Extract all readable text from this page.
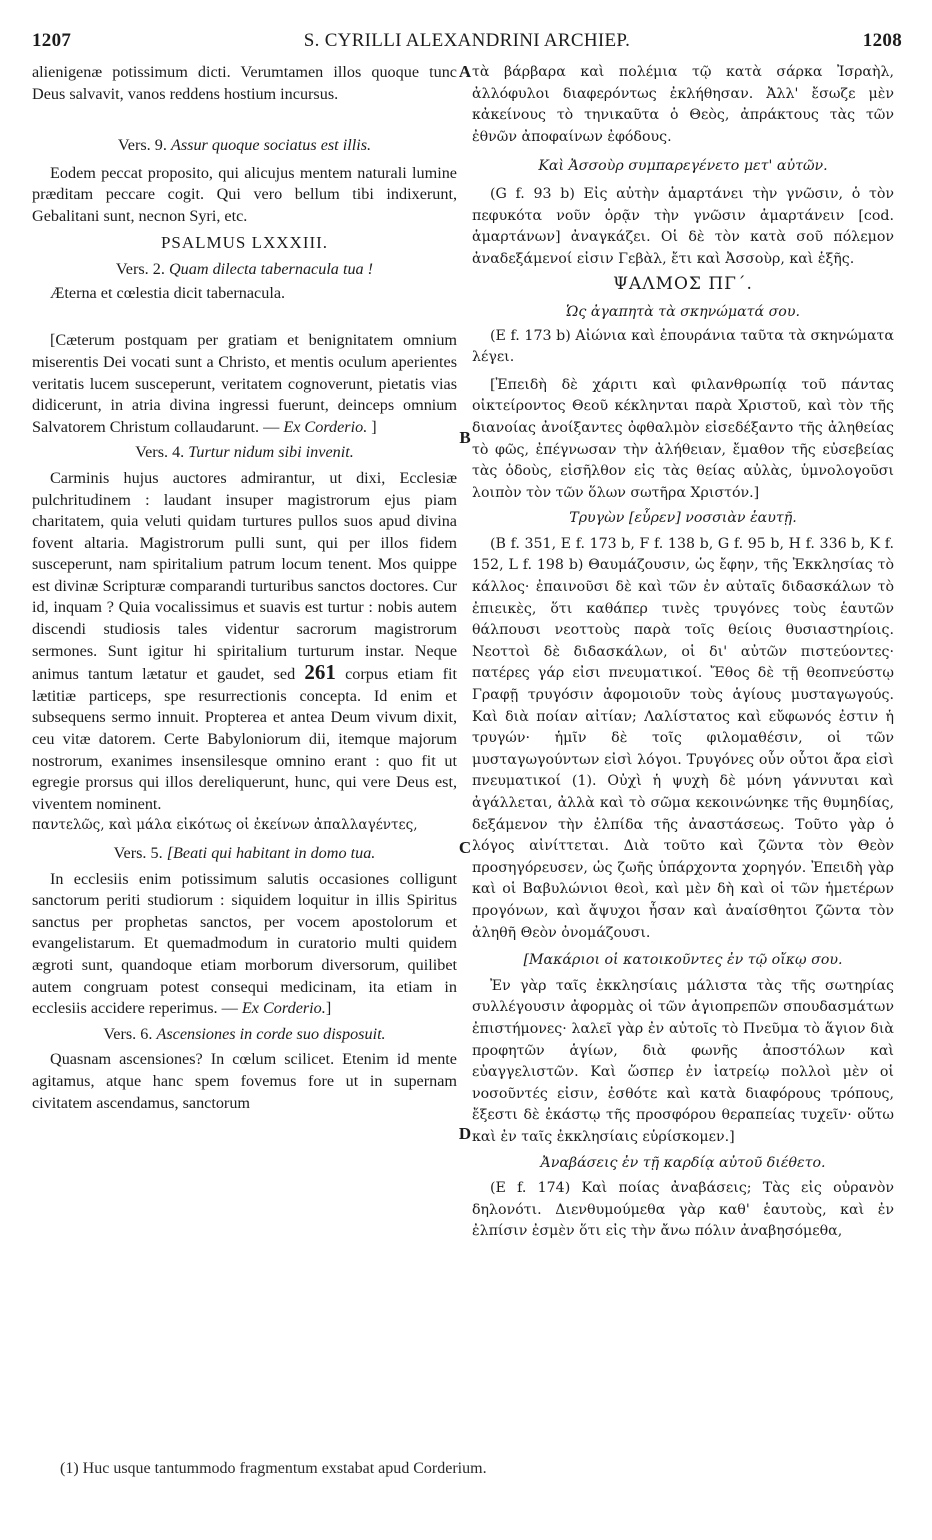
1207	S. CYRILLI ALEXANDRINI ARCHIEP.	1208
A
B
C
D

alienigenæ potissimum dicti. Verumtamen illos quoque tunc Deus salvavit, vanos reddens hostium incursus.

Vers. 9. Assur quoque sociatus est illis.

Eodem peccat proposito, qui alicujus mentem naturali lumine præditam peccare cogit. Qui vero bellum tibi indixerunt, Gebalitani sunt, necnon Syri, etc.

PSALMUS LXXXIII.

Vers. 2. Quam dilecta tabernacula tua !

Æterna et cœlestia dicit tabernacula.

[Cæterum postquam per gratiam et benignitatem omnium miserentis Dei vocati sunt a Christo, et mentis oculum aperientes veritatis lucem susceperunt, veritatem cognoverunt, pietatis vias didicerunt, in atria divina ingressi fuerunt, deinceps omnium Salvatorem Christum collaudarunt. — Ex Corderio. ]

Vers. 4. Turtur nidum sibi invenit.

Carminis hujus auctores admirantur, ut dixi, Ecclesiæ pulchritudinem : laudant insuper magistrorum ejus piam charitatem, quia veluti quidam turtures pullos suos apud divina fovent altaria. Magistrorum pulli sunt, qui per illos fidem susceperunt, nam spiritalium patrum locum tenent. Mos quippe est divinæ Scripturæ comparandi turturibus sanctos doctores. Cur id, inquam ? Quia vocalissimus et suavis est turtur : nobis autem discendi studiosis tales videntur sacrorum magistrorum sermones. Sunt igitur hi spiritalium turturum instar. Neque animus tantum lætatur et gaudet, sed 261 corpus etiam fit lætitiæ particeps, spe resurrectionis concepta. Id enim et subsequens sermo innuit. Propterea et antea Deum vivum dixit, ceu vitæ datorem. Certe Babyloniorum dii, itemque majorum nostrorum, exanimes insensilesque omnino erant : quo fit ut egregie prorsus qui illos dereliquerunt, hunc, qui vere Deus est, viventem nominent.

παντελῶς, καὶ μάλα εἰκότως οἱ ἐκείνων ἀπαλλαγέντες,

Vers. 5. [Beati qui habitant in domo tua.

In ecclesiis enim potissimum salutis occasiones colligunt sanctorum periti studiorum : siquidem loquitur in illis Spiritus sanctus per prophetas sanctos, per vocem apostolorum et evangelistarum. Et quemadmodum in curatorio multi quidem ægroti sunt, quandoque etiam morborum diversorum, quilibet autem congruam potest consequi medicinam, ita etiam in ecclesiis accidere reperimus. — Ex Corderio.]

Vers. 6. Ascensiones in corde suo disposuit.

Quasnam ascensiones? In cœlum scilicet. Etenim id mente agitamus, atque hanc spem fovemus fore ut in supernam civitatem ascendamus, sanctorum

τὰ βάρβαρα καὶ πολέμια τῷ κατὰ σάρκα Ἰσραὴλ, ἀλλόφυλοι διαφερόντως ἐκλήθησαν. Ἀλλ' ἔσωζε μὲν κἀκείνους τὸ τηνικαῦτα ὁ Θεὸς, ἀπράκτους τὰς τῶν ἐθνῶν ἀποφαίνων ἐφόδους.

Καὶ Ἀσσοὺρ συμπαρεγένετο μετ' αὐτῶν.

(G f. 93 b) Εἰς αὐτὴν ἁμαρτάνει τὴν γνῶσιν, ὁ τὸν πεφυκότα νοῦν ὁρᾷν τὴν γνῶσιν ἁμαρτάνειν [cod. ἁμαρτάνων] ἀναγκάζει. Οἱ δὲ τὸν κατὰ σοῦ πόλεμον ἀναδεξάμενοί εἰσιν Γεβὰλ, ἔτι καὶ Ἀσσοὺρ, καὶ ἑξῆς.

ΨΑΛΜΟΣ ΠΓ΄.

Ὡς ἀγαπητὰ τὰ σκηνώματά σου.

(E f. 173 b) Αἰώνια καὶ ἐπουράνια ταῦτα τὰ σκηνώματα λέγει.

[Ἐπειδὴ δὲ χάριτι καὶ φιλανθρωπίᾳ τοῦ πάντας οἰκτείροντος Θεοῦ κέκληνται παρὰ Χριστοῦ, καὶ τὸν τῆς διανοίας ἀνοίξαντες ὀφθαλμὸν εἰσεδέξαντο τῆς ἀληθείας τὸ φῶς, ἐπέγνωσαν τὴν ἀλήθειαν, ἔμαθον τῆς εὐσεβείας τὰς ὁδοὺς, εἰσῆλθον εἰς τὰς θείας αὐλὰς, ὑμνολογοῦσι λοιπὸν τὸν τῶν ὅλων σωτῆρα Χριστόν.]

Τρυγὼν [εὗρεν] νοσσιὰν ἑαυτῇ.

(B f. 351, E f. 173 b, F f. 138 b, G f. 95 b, H f. 336 b, K f. 152, L f. 198 b) Θαυμάζουσιν, ὡς ἔφην, τῆς Ἐκκλησίας τὸ κάλλος· ἐπαινοῦσι δὲ καὶ τῶν ἐν αὐταῖς διδασκάλων τὸ ἐπιεικὲς, ὅτι καθάπερ τινὲς τρυγόνες τοὺς ἑαυτῶν θάλπουσι νεοττοὺς παρὰ τοῖς θείοις θυσιαστηρίοις. Νεοττοὶ δὲ διδασκάλων, οἱ δι' αὐτῶν πιστεύοντες· πατέρες γάρ εἰσι πνευματικοί. Ἔθος δὲ τῇ θεοπνεύστῳ Γραφῇ τρυγόσιν ἀφομοιοῦν τοὺς ἁγίους μυσταγωγούς. Καὶ διὰ ποίαν αἰτίαν; Λαλίστατος καὶ εὔφωνός ἐστιν ἡ τρυγών· ἡμῖν δὲ τοῖς φιλομαθέσιν, οἱ τῶν μυσταγωγούντων εἰσὶ λόγοι. Τρυγόνες οὖν οὗτοι ἄρα εἰσὶ πνευματικοί (1). Οὐχὶ ἡ ψυχὴ δὲ μόνη γάννυται καὶ ἀγάλλεται, ἀλλὰ καὶ τὸ σῶμα κεκοινώνηκε τῆς θυμηδίας, δεξάμενον τὴν ἐλπίδα τῆς ἀναστάσεως. Τοῦτο γὰρ ὁ λόγος αἰνίττεται. Διὰ τοῦτο καὶ ζῶντα τὸν Θεὸν προσηγόρευσεν, ὡς ζωῆς ὑπάρχοντα χορηγόν. Ἐπειδὴ γὰρ καὶ οἱ Βαβυλώνιοι θεοὶ, καὶ μὲν δὴ καὶ οἱ τῶν ἡμετέρων προγόνων, καὶ ἄψυχοι ἦσαν καὶ ἀναίσθητοι ζῶντα τὸν ἀληθῆ Θεὸν ὀνομάζουσι.

[Μακάριοι οἱ κατοικοῦντες ἐν τῷ οἴκῳ σου.

Ἐν γὰρ ταῖς ἐκκλησίαις μάλιστα τὰς τῆς σωτηρίας συλλέγουσιν ἀφορμὰς οἱ τῶν ἁγιοπρεπῶν σπουδασμάτων ἐπιστήμονες· λαλεῖ γὰρ ἐν αὐτοῖς τὸ Πνεῦμα τὸ ἅγιον διὰ προφητῶν ἁγίων, διὰ φωνῆς ἀποστόλων καὶ εὐαγγελιστῶν. Καὶ ὥσπερ ἐν ἰατρείῳ πολλοὶ μὲν οἱ νοσοῦντές εἰσιν, ἐσθότε καὶ κατὰ διαφόρους τρόπους, ἔξεστι δὲ ἑκάστῳ τῆς προσφόρου θεραπείας τυχεῖν· οὕτω καὶ ἐν ταῖς ἐκκλησίαις εὑρίσκομεν.]

Ἀναβάσεις ἐν τῇ καρδίᾳ αὐτοῦ διέθετο.

(E f. 174) Καὶ ποίας ἀναβάσεις; Τὰς εἰς οὐρανὸν δηλονότι. Διενθυμούμεθα γὰρ καθ' ἑαυτοὺς, καὶ ἐν ἐλπίσιν ἐσμὲν ὅτι εἰς τὴν ἄνω πόλιν ἀναβησόμεθα,

(1) Huc usque tantummodo fragmentum exstabat apud Corderium.
